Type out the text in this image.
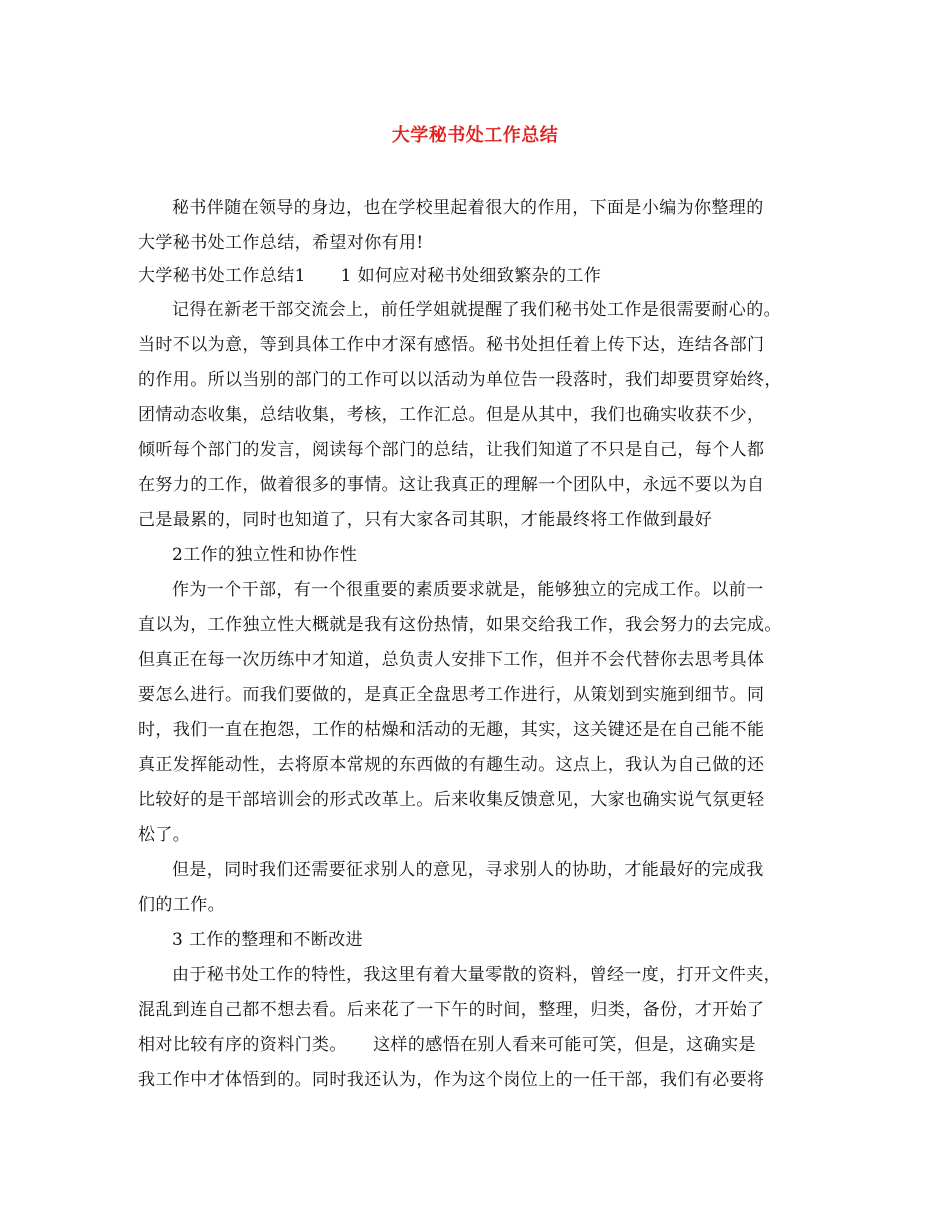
大学秘书处工作总结
秘书伴随在领导的身边，也在学校里起着很大的作用，下面是小编为你整理的
大学秘书处工作总结，希望对你有用!
大学秘书处工作总结1　　1 如何应对秘书处细致繁杂的工作
记得在新老干部交流会上，前任学姐就提醒了我们秘书处工作是很需要耐心的。
当时不以为意，等到具体工作中才深有感悟。秘书处担任着上传下达，连结各部门
的作用。所以当别的部门的工作可以以活动为单位告一段落时，我们却要贯穿始终，
团情动态收集，总结收集，考核，工作汇总。但是从其中，我们也确实收获不少，
倾听每个部门的发言，阅读每个部门的总结，让我们知道了不只是自己，每个人都
在努力的工作，做着很多的事情。这让我真正的理解一个团队中，永远不要以为自
己是最累的，同时也知道了，只有大家各司其职，才能最终将工作做到最好
2工作的独立性和协作性
作为一个干部，有一个很重要的素质要求就是，能够独立的完成工作。以前一
直以为，工作独立性大概就是我有这份热情，如果交给我工作，我会努力的去完成。
但真正在每一次历练中才知道，总负责人安排下工作，但并不会代替你去思考具体
要怎么进行。而我们要做的，是真正全盘思考工作进行，从策划到实施到细节。同
时，我们一直在抱怨，工作的枯燥和活动的无趣，其实，这关键还是在自己能不能
真正发挥能动性，去将原本常规的东西做的有趣生动。这点上，我认为自己做的还
比较好的是干部培训会的形式改革上。后来收集反馈意见，大家也确实说气氛更轻
松了。
但是，同时我们还需要征求别人的意见，寻求别人的协助，才能最好的完成我
们的工作。
3 工作的整理和不断改进
由于秘书处工作的特性，我这里有着大量零散的资料，曾经一度，打开文件夹，
混乱到连自己都不想去看。后来花了一下午的时间，整理，归类，备份，才开始了
相对比较有序的资料门类。　　这样的感悟在别人看来可能可笑，但是，这确实是
我工作中才体悟到的。同时我还认为，作为这个岗位上的一任干部，我们有必要将
